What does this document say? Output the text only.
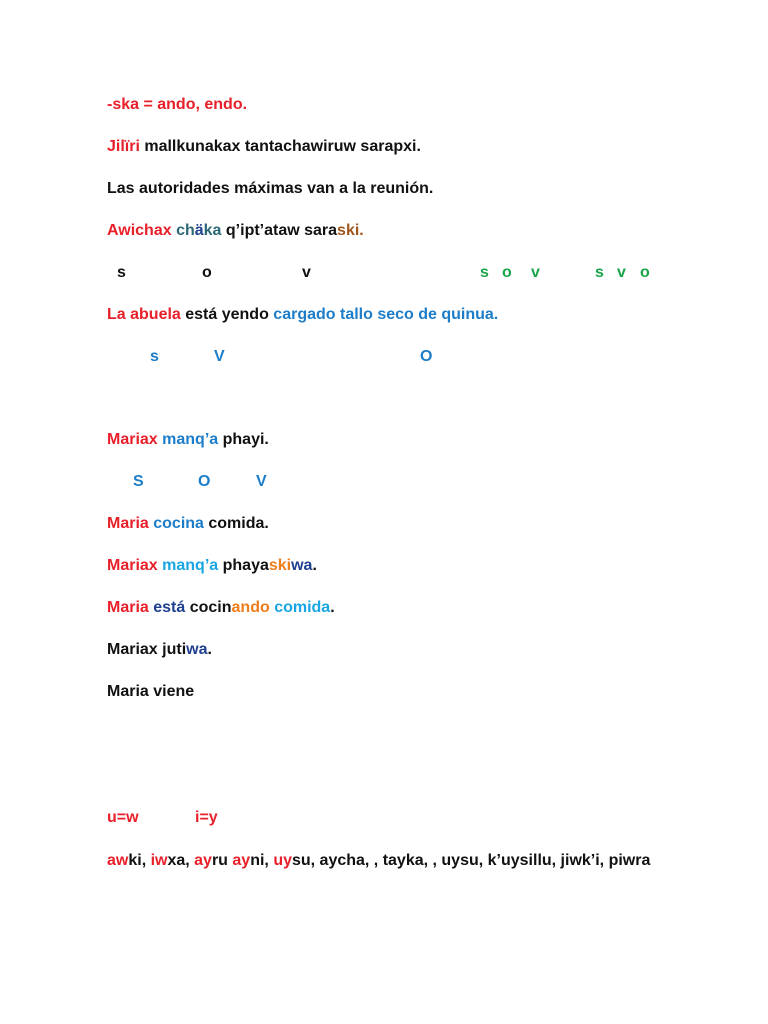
-ska = ando, endo.
Jilïri mallkunakax tantachawiruw sarapxi.
Las autoridades máximas van a la reunión.
Awichax chäka q’ipt’ataw saraski.
s	o	v	s o v	s v o
La abuela está yendo cargado tallo seco de quinua.
s	V	O
Mariax manq’a phayi.
S	O	V
Maria cocina comida.
Mariax manq’a phayaskiwa.
Maria está cocinando comida.
Mariax jutiwa.
Maria viene
u=w	i=y
awki, iwxa, ayru ayni, uysu, aycha, , tayka, , uysu, k’uysillu, jiwk’i, piwra
